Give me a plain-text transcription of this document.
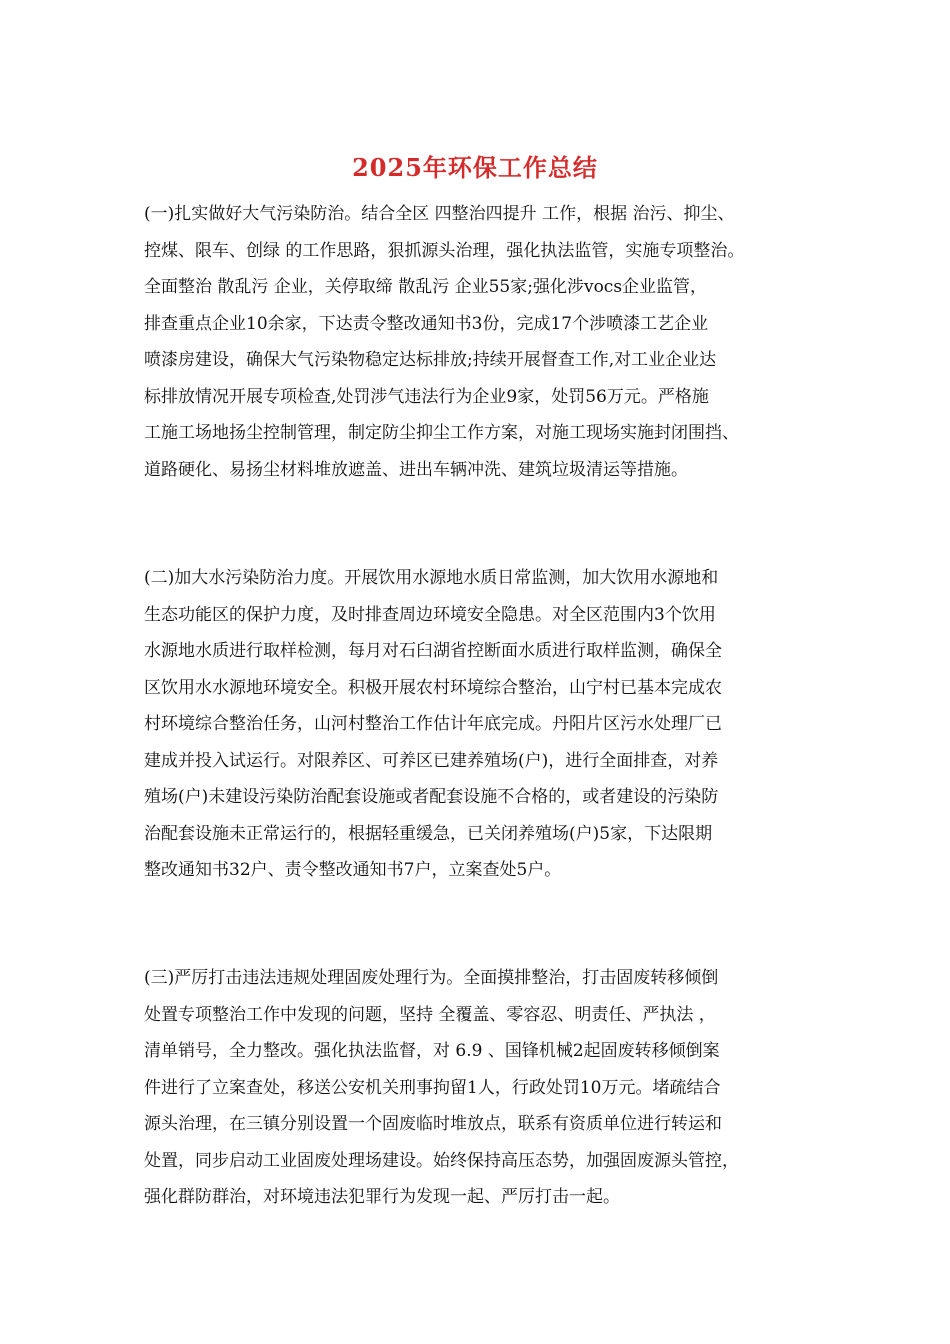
2025年环保工作总结
(一)扎实做好大气污染防治。结合全区 四整治四提升 工作，根据 治污、抑尘、
控煤、限车、创绿 的工作思路，狠抓源头治理，强化执法监管，实施专项整治。
全面整治 散乱污 企业，关停取缔 散乱污 企业55家;强化涉vocs企业监管，
排查重点企业10余家，下达责令整改通知书3份，完成17个涉喷漆工艺企业
喷漆房建设，确保大气污染物稳定达标排放;持续开展督查工作,对工业企业达
标排放情况开展专项检查,处罚涉气违法行为企业9家，处罚56万元。严格施
工施工场地扬尘控制管理，制定防尘抑尘工作方案，对施工现场实施封闭围挡、
道路硬化、易扬尘材料堆放遮盖、进出车辆冲洗、建筑垃圾清运等措施。
(二)加大水污染防治力度。开展饮用水源地水质日常监测，加大饮用水源地和
生态功能区的保护力度，及时排查周边环境安全隐患。对全区范围内3个饮用
水源地水质进行取样检测，每月对石臼湖省控断面水质进行取样监测，确保全
区饮用水水源地环境安全。积极开展农村环境综合整治，山宁村已基本完成农
村环境综合整治任务，山河村整治工作估计年底完成。丹阳片区污水处理厂已
建成并投入试运行。对限养区、可养区已建养殖场(户)，进行全面排查，对养
殖场(户)未建设污染防治配套设施或者配套设施不合格的，或者建设的污染防
治配套设施未正常运行的，根据轻重缓急，已关闭养殖场(户)5家，下达限期
整改通知书32户、责令整改通知书7户，立案查处5户。
(三)严厉打击违法违规处理固废处理行为。全面摸排整治，打击固废转移倾倒
处置专项整治工作中发现的问题，坚持 全覆盖、零容忍、明责任、严执法 ，
清单销号，全力整改。强化执法监督，对 6.9 、国锋机械2起固废转移倾倒案
件进行了立案查处，移送公安机关刑事拘留1人，行政处罚10万元。堵疏结合
源头治理，在三镇分别设置一个固废临时堆放点，联系有资质单位进行转运和
处置，同步启动工业固废处理场建设。始终保持高压态势，加强固废源头管控，
强化群防群治，对环境违法犯罪行为发现一起、严厉打击一起。
